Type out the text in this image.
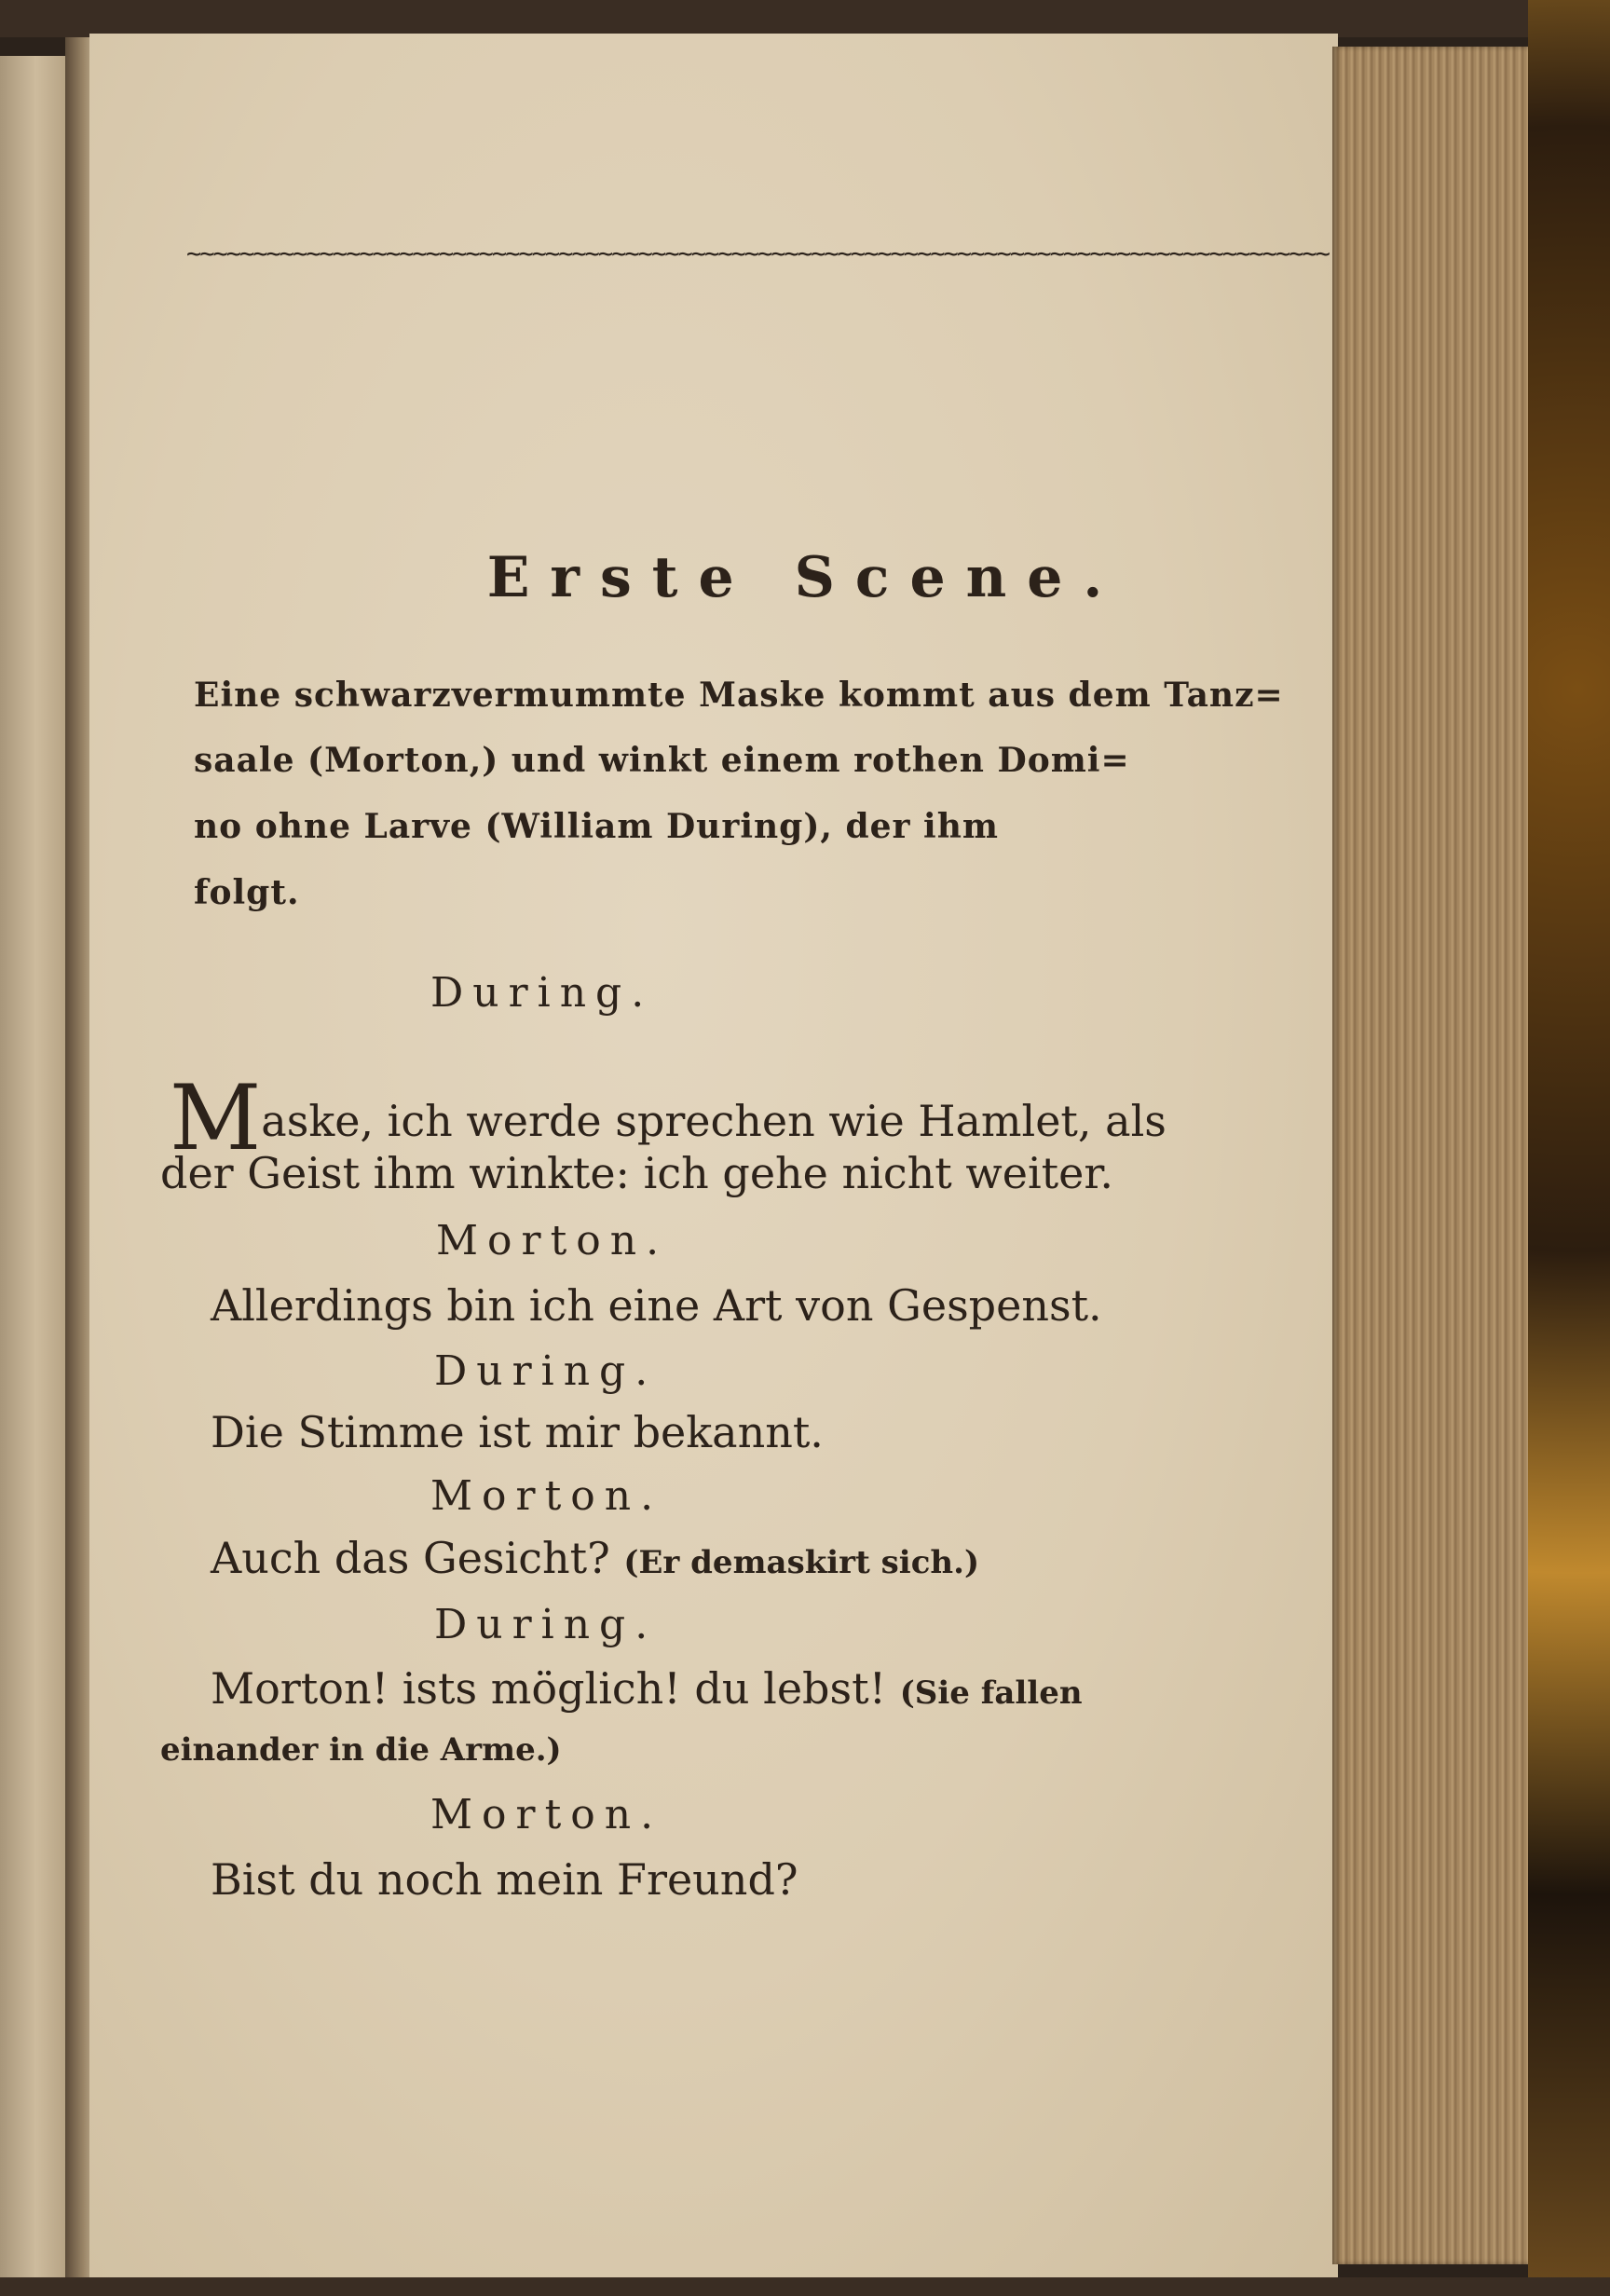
~~~~~~~~~~~~~~~~~~~~~~~~~~~~~~~~~~~~~~~~~~~~~~~~~~~~~~~~~~~~~~~~~~~~~~~~~~~~~~~~~~~~~~
Erste Scene.
Eine schwarzvermummte Maske kommt aus dem Tanz=
saale (Morton,) und winkt einem rothen Domi=
no ohne Larve (William During), der ihm
folgt.
During.
Maske, ich werde sprechen wie Hamlet, als
der Geist ihm winkte: ich gehe nicht weiter.
Morton.
Allerdings bin ich eine Art von Gespenst.
During.
Die Stimme ist mir bekannt.
Morton.
Auch das Gesicht? (Er demaskirt sich.)
During.
Morton! ists möglich! du lebst! (Sie fallen
einander in die Arme.)
Morton.
Bist du noch mein Freund?
